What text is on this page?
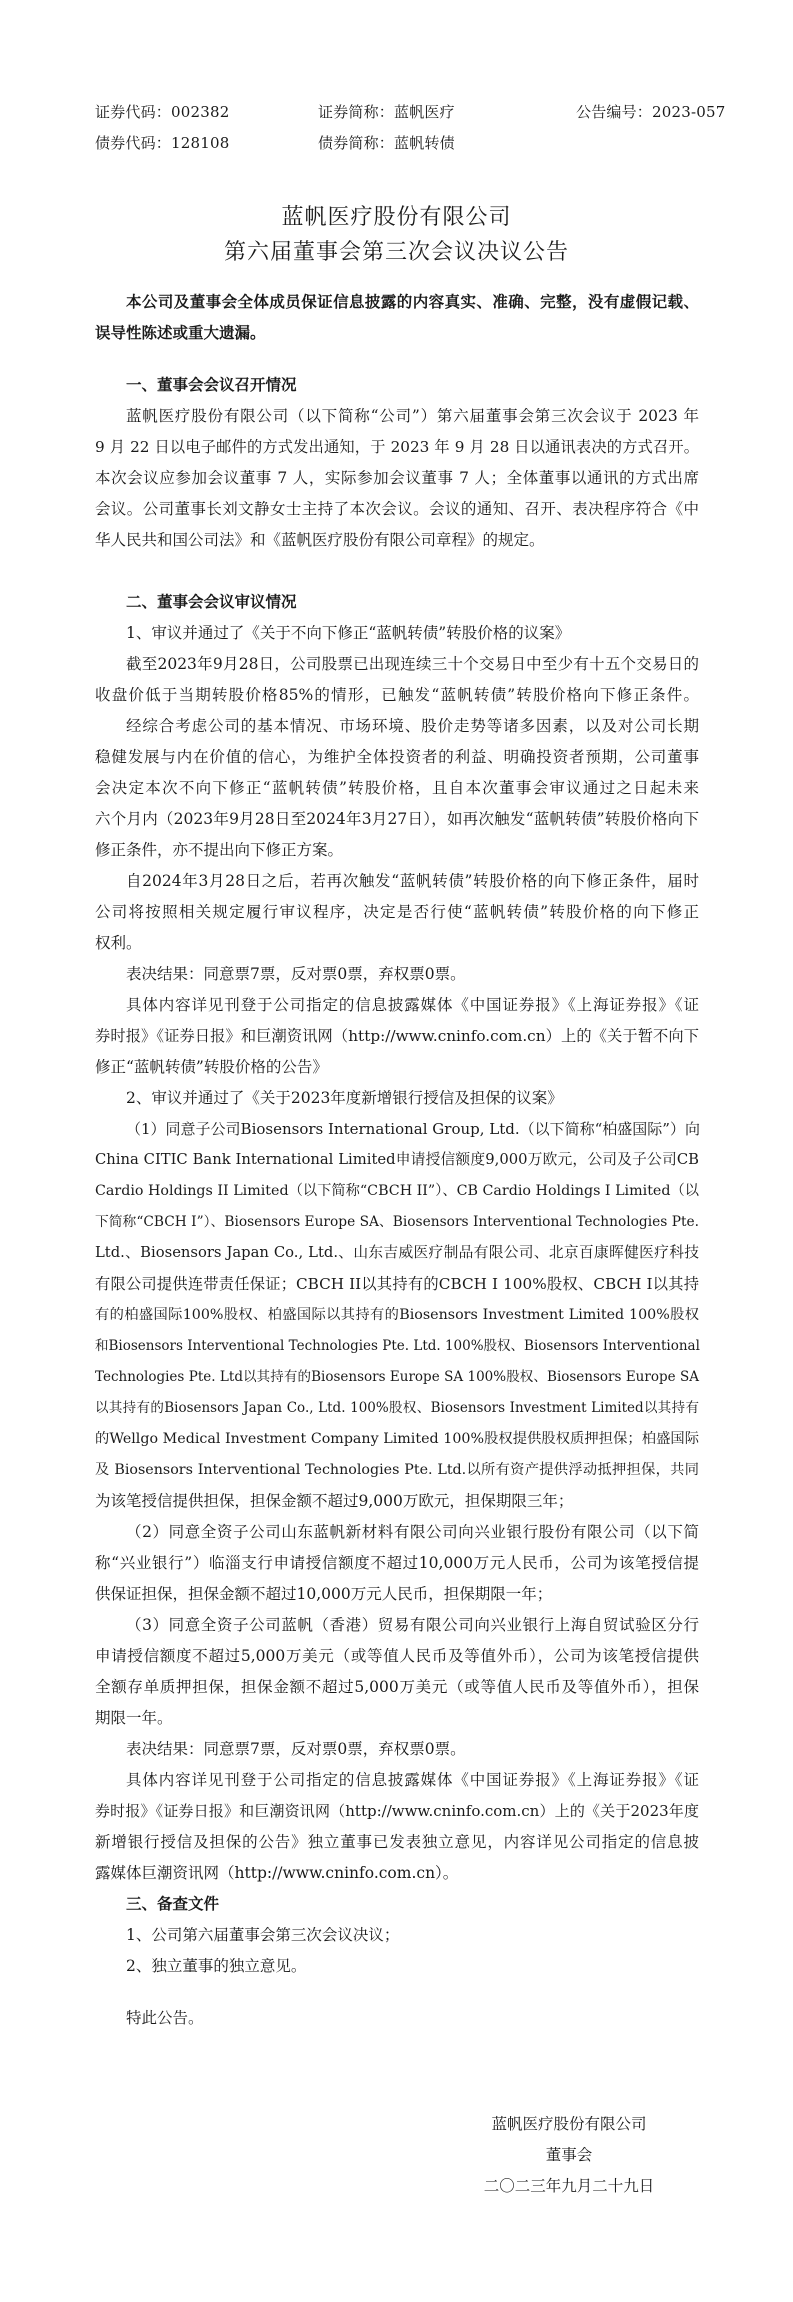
证券代码：002382	证券简称：蓝帆医疗	公告编号：2023-057
债券代码：128108	债券简称：蓝帆转债
蓝帆医疗股份有限公司
第六届董事会第三次会议决议公告
本公司及董事会全体成员保证信息披露的内容真实、准确、完整，没有虚假记载、
误导性陈述或重大遗漏。
一、董事会会议召开情况
蓝帆医疗股份有限公司（以下简称“公司”）第六届董事会第三次会议于 2023 年
9 月 22 日以电子邮件的方式发出通知，于 2023 年 9 月 28 日以通讯表决的方式召开。
本次会议应参加会议董事 7 人，实际参加会议董事 7 人；全体董事以通讯的方式出席
会议。公司董事长刘文静女士主持了本次会议。会议的通知、召开、表决程序符合《中
华人民共和国公司法》和《蓝帆医疗股份有限公司章程》的规定。
二、董事会会议审议情况
1、审议并通过了《关于不向下修正“蓝帆转债”转股价格的议案》
截至2023年9月28日，公司股票已出现连续三十个交易日中至少有十五个交易日的
收盘价低于当期转股价格85%的情形，已触发“蓝帆转债”转股价格向下修正条件。
经综合考虑公司的基本情况、市场环境、股价走势等诸多因素，以及对公司长期
稳健发展与内在价值的信心，为维护全体投资者的利益、明确投资者预期，公司董事
会决定本次不向下修正“蓝帆转债”转股价格，且自本次董事会审议通过之日起未来
六个月内（2023年9月28日至2024年3月27日），如再次触发“蓝帆转债”转股价格向下
修正条件，亦不提出向下修正方案。
自2024年3月28日之后，若再次触发“蓝帆转债”转股价格的向下修正条件，届时
公司将按照相关规定履行审议程序，决定是否行使“蓝帆转债”转股价格的向下修正
权利。
表决结果：同意票7票，反对票0票，弃权票0票。
具体内容详见刊登于公司指定的信息披露媒体《中国证券报》《上海证券报》《证
券时报》《证券日报》和巨潮资讯网（http://www.cninfo.com.cn）上的《关于暂不向下
修正“蓝帆转债”转股价格的公告》
2、审议并通过了《关于2023年度新增银行授信及担保的议案》
（1）同意子公司Biosensors International Group, Ltd.（以下简称“柏盛国际”）向
China CITIC Bank International Limited申请授信额度9,000万欧元，公司及子公司CB
Cardio Holdings II Limited（以下简称“CBCH II”）、CB Cardio Holdings I Limited（以
下简称“CBCH I”）、Biosensors Europe SA、Biosensors Interventional Technologies Pte.
Ltd.、Biosensors Japan Co., Ltd.、山东吉威医疗制品有限公司、北京百康晖健医疗科技
有限公司提供连带责任保证；CBCH II以其持有的CBCH I 100%股权、CBCH I以其持
有的柏盛国际100%股权、柏盛国际以其持有的Biosensors Investment Limited 100%股权
和Biosensors Interventional Technologies Pte. Ltd. 100%股权、Biosensors Interventional
Technologies Pte. Ltd以其持有的Biosensors Europe SA 100%股权、Biosensors Europe SA
以其持有的Biosensors Japan Co., Ltd. 100%股权、Biosensors Investment Limited以其持有
的Wellgo Medical Investment Company Limited 100%股权提供股权质押担保；柏盛国际
及 Biosensors Interventional Technologies Pte. Ltd.以所有资产提供浮动抵押担保，共同
为该笔授信提供担保，担保金额不超过9,000万欧元，担保期限三年；
（2）同意全资子公司山东蓝帆新材料有限公司向兴业银行股份有限公司（以下简
称“兴业银行”）临淄支行申请授信额度不超过10,000万元人民币，公司为该笔授信提
供保证担保，担保金额不超过10,000万元人民币，担保期限一年；
（3）同意全资子公司蓝帆（香港）贸易有限公司向兴业银行上海自贸试验区分行
申请授信额度不超过5,000万美元（或等值人民币及等值外币），公司为该笔授信提供
全额存单质押担保，担保金额不超过5,000万美元（或等值人民币及等值外币），担保
期限一年。
表决结果：同意票7票，反对票0票，弃权票0票。
具体内容详见刊登于公司指定的信息披露媒体《中国证券报》《上海证券报》《证
券时报》《证券日报》和巨潮资讯网（http://www.cninfo.com.cn）上的《关于2023年度
新增银行授信及担保的公告》独立董事已发表独立意见，内容详见公司指定的信息披
露媒体巨潮资讯网（http://www.cninfo.com.cn）。
三、备查文件
1、公司第六届董事会第三次会议决议；
2、独立董事的独立意见。
特此公告。
蓝帆医疗股份有限公司
董事会
二〇二三年九月二十九日
